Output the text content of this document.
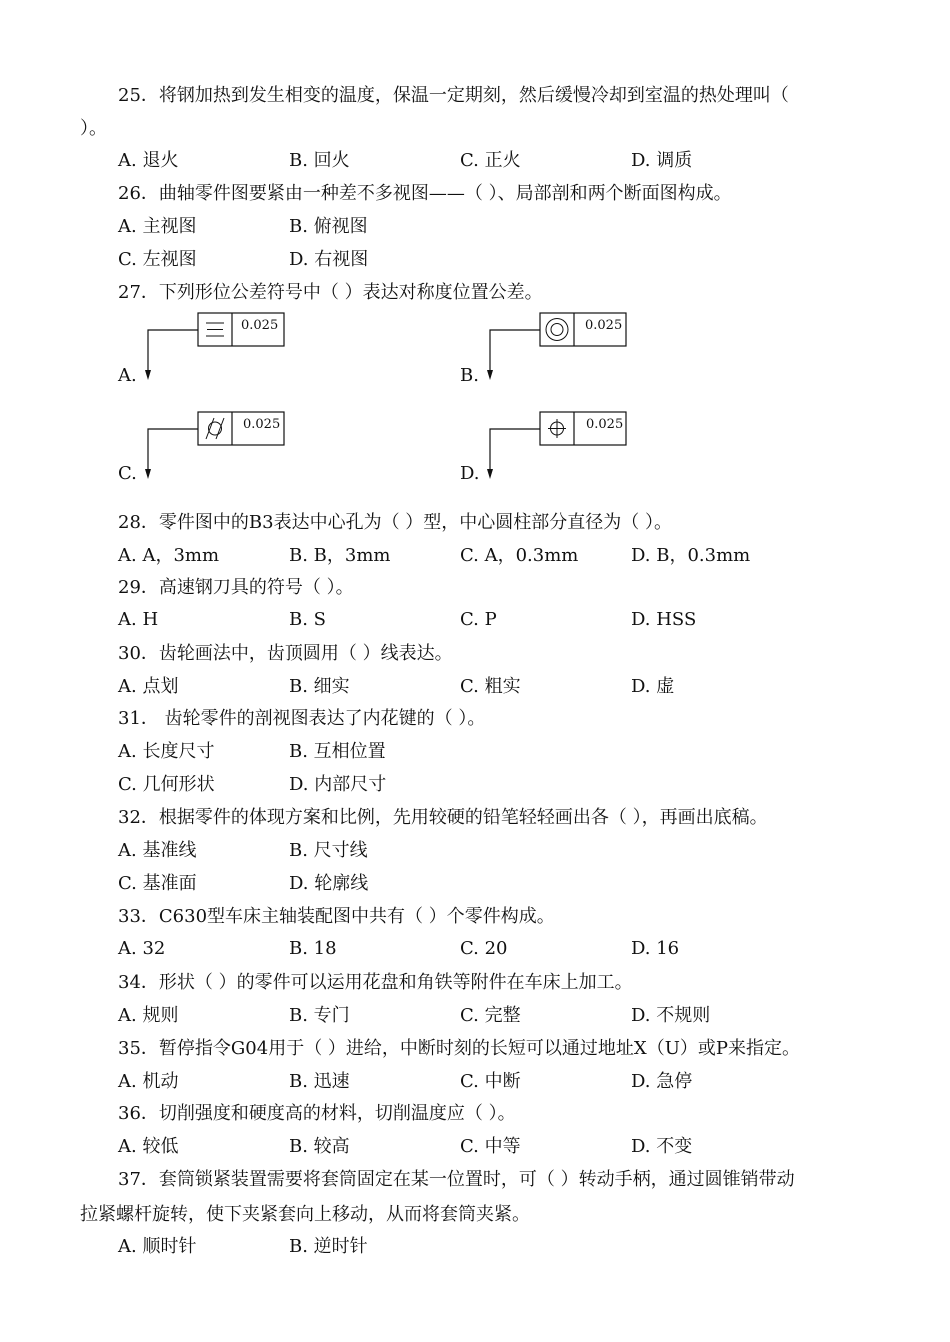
25．将钢加热到发生相变的温度，保温一定期刻，然后缓慢冷却到室温的热处理叫（
）。
A. 退火	B. 回火	C. 正火	D. 调质
26．曲轴零件图要紧由一种差不多视图——（ ）、局部剖和两个断面图构成。
A. 主视图	B. 俯视图
C. 左视图	D. 右视图
27．下列形位公差符号中（ ）表达对称度位置公差。
0.025
A.
0.025
B.
0.025
C.
0.025
D.
28．零件图中的B3表达中心孔为（ ）型，中心圆柱部分直径为（ ）。
A. A，3mm	B. B，3mm	C. A，0.3mm	D. B，0.3mm
29．高速钢刀具的符号（ ）。
A. H	B. S	C. P	D. HSS
30．齿轮画法中，齿顶圆用（ ）线表达。
A. 点划	B. 细实	C. 粗实	D. 虚
31． 齿轮零件的剖视图表达了内花键的（ ）。
A. 长度尺寸	B. 互相位置
C. 几何形状	D. 内部尺寸
32．根据零件的体现方案和比例，先用较硬的铅笔轻轻画出各（ ），再画出底稿。
A. 基准线	B. 尺寸线
C. 基准面	D. 轮廓线
33．C630型车床主轴装配图中共有（ ）个零件构成。
A. 32	B. 18	C. 20	D. 16
34．形状（ ）的零件可以运用花盘和角铁等附件在车床上加工。
A. 规则	B. 专门	C. 完整	D. 不规则
35．暂停指令G04用于（ ）进给，中断时刻的长短可以通过地址X（U）或P来指定。
A. 机动	B. 迅速	C. 中断	D. 急停
36．切削强度和硬度高的材料，切削温度应（ ）。
A. 较低	B. 较高	C. 中等	D. 不变
37．套筒锁紧装置需要将套筒固定在某一位置时，可（ ）转动手柄，通过圆锥销带动
拉紧螺杆旋转，使下夹紧套向上移动，从而将套筒夹紧。
A. 顺时针	B. 逆时针
